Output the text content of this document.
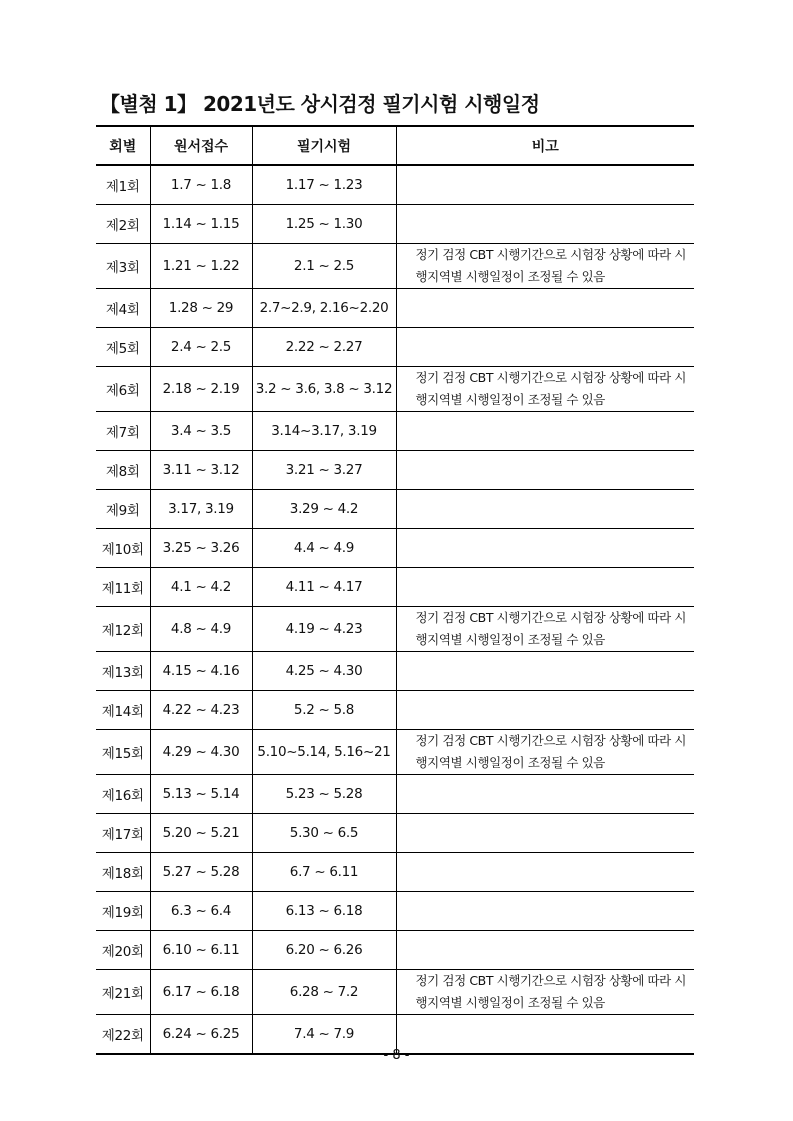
【별첨 1】 2021년도 상시검정 필기시험 시행일정
회별	원서접수	필기시험	비고
제1회	1.7 ~ 1.8	1.17 ~ 1.23	
제2회	1.14 ~ 1.15	1.25 ~ 1.30	
제3회	1.21 ~ 1.22	2.1 ~ 2.5	정기 검정 CBT 시행기간으로 시험장 상황에 따라 시행지역별 시행일정이 조정될 수 있음
제4회	1.28 ~ 29	2.7~2.9, 2.16~2.20	
제5회	2.4 ~ 2.5	2.22 ~ 2.27	
제6회	2.18 ~ 2.19	3.2 ~ 3.6, 3.8 ~ 3.12	정기 검정 CBT 시행기간으로 시험장 상황에 따라 시행지역별 시행일정이 조정될 수 있음
제7회	3.4 ~ 3.5	3.14~3.17, 3.19	
제8회	3.11 ~ 3.12	3.21 ~ 3.27	
제9회	3.17, 3.19	3.29 ~ 4.2	
제10회	3.25 ~ 3.26	4.4 ~ 4.9	
제11회	4.1 ~ 4.2	4.11 ~ 4.17	
제12회	4.8 ~ 4.9	4.19 ~ 4.23	정기 검정 CBT 시행기간으로 시험장 상황에 따라 시행지역별 시행일정이 조정될 수 있음
제13회	4.15 ~ 4.16	4.25 ~ 4.30	
제14회	4.22 ~ 4.23	5.2 ~ 5.8	
제15회	4.29 ~ 4.30	5.10~5.14, 5.16~21	정기 검정 CBT 시행기간으로 시험장 상황에 따라 시행지역별 시행일정이 조정될 수 있음
제16회	5.13 ~ 5.14	5.23 ~ 5.28	
제17회	5.20 ~ 5.21	5.30 ~ 6.5	
제18회	5.27 ~ 5.28	6.7 ~ 6.11	
제19회	6.3 ~ 6.4	6.13 ~ 6.18	
제20회	6.10 ~ 6.11	6.20 ~ 6.26	
제21회	6.17 ~ 6.18	6.28 ~ 7.2	정기 검정 CBT 시행기간으로 시험장 상황에 따라 시행지역별 시행일정이 조정될 수 있음
제22회	6.24 ~ 6.25	7.4 ~ 7.9	
- 8 -
